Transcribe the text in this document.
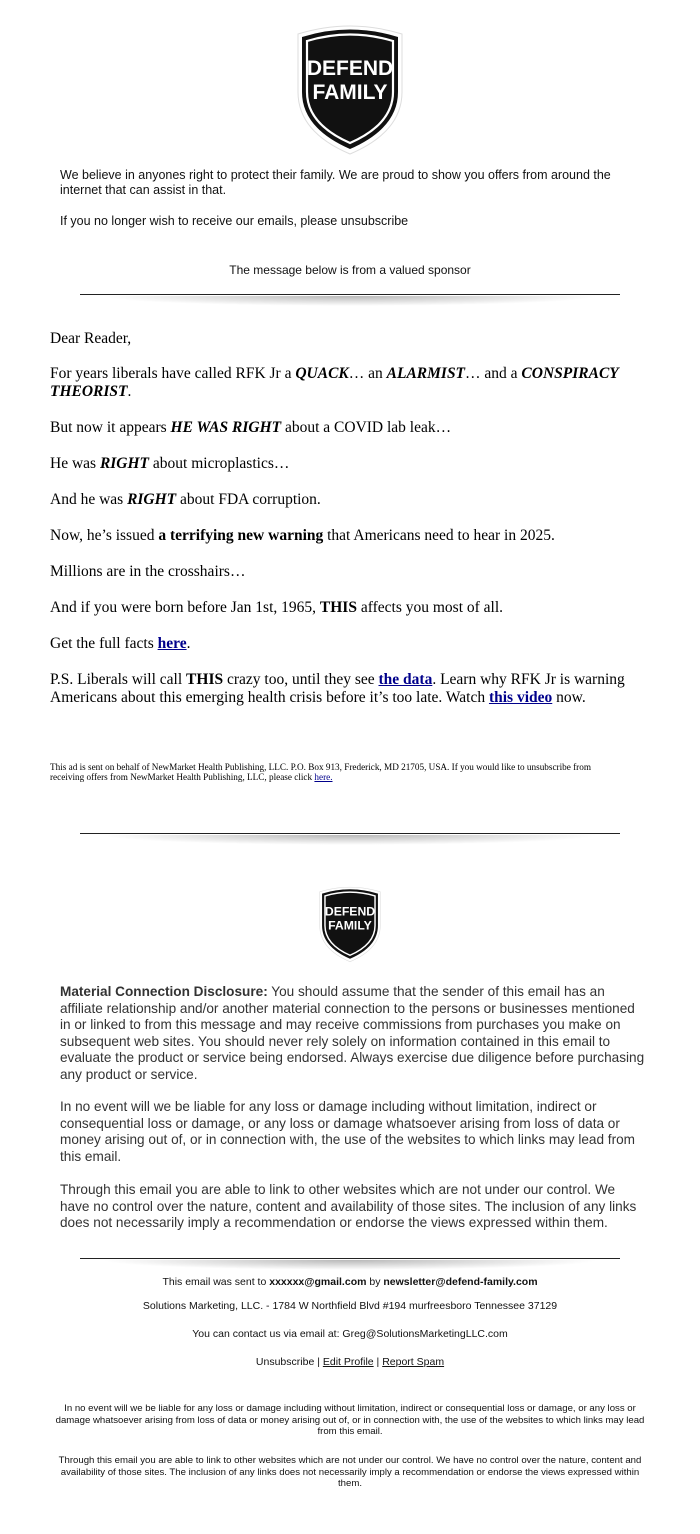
DEFEND
FAMILY
We believe in anyones right to protect their family. We are proud to show you offers from around the internet that can assist in that.
If you no longer wish to receive our emails, please unsubscribe
The message below is from a valued sponsor

Dear Reader,

For years liberals have called RFK Jr a QUACK… an ALARMIST… and a CONSPIRACY THEORIST.

But now it appears HE WAS RIGHT about a COVID lab leak…

He was RIGHT about microplastics…

And he was RIGHT about FDA corruption.

Now, he’s issued a terrifying new warning that Americans need to hear in 2025.

Millions are in the crosshairs…

And if you were born before Jan 1st, 1965, THIS affects you most of all.

Get the full facts here.

P.S. Liberals will call THIS crazy too, until they see the data. Learn why RFK Jr is warning Americans about this emerging health crisis before it’s too late. Watch this video now.

This ad is sent on behalf of NewMarket Health Publishing, LLC. P.O. Box 913, Frederick, MD 21705, USA. If you would like to unsubscribe from receiving offers from NewMarket Health Publishing, LLC, please click here.
DEFEND
FAMILY

Material Connection Disclosure: You should assume that the sender of this email has an affiliate relationship and/or another material connection to the persons or businesses mentioned in or linked to from this message and may receive commissions from purchases you make on subsequent web sites. You should never rely solely on information contained in this email to evaluate the product or service being endorsed. Always exercise due diligence before purchasing any product or service.

In no event will we be liable for any loss or damage including without limitation, indirect or consequential loss or damage, or any loss or damage whatsoever arising from loss of data or money arising out of, or in connection with, the use of the websites to which links may lead from this email.

Through this email you are able to link to other websites which are not under our control. We have no control over the nature, content and availability of those sites. The inclusion of any links does not necessarily imply a recommendation or endorse the views expressed within them.

This email was sent to xxxxxx@gmail.com by newsletter@defend-family.com
Solutions Marketing, LLC. - 1784 W Northfield Blvd #194 murfreesboro Tennessee 37129
You can contact us via email at: Greg@SolutionsMarketingLLC.com
Unsubscribe | Edit Profile | Report Spam
In no event will we be liable for any loss or damage including without limitation, indirect or consequential loss or damage, or any loss or damage whatsoever arising from loss of data or money arising out of, or in connection with, the use of the websites to which links may lead from this email.
Through this email you are able to link to other websites which are not under our control. We have no control over the nature, content and availability of those sites. The inclusion of any links does not necessarily imply a recommendation or endorse the views expressed within them.
